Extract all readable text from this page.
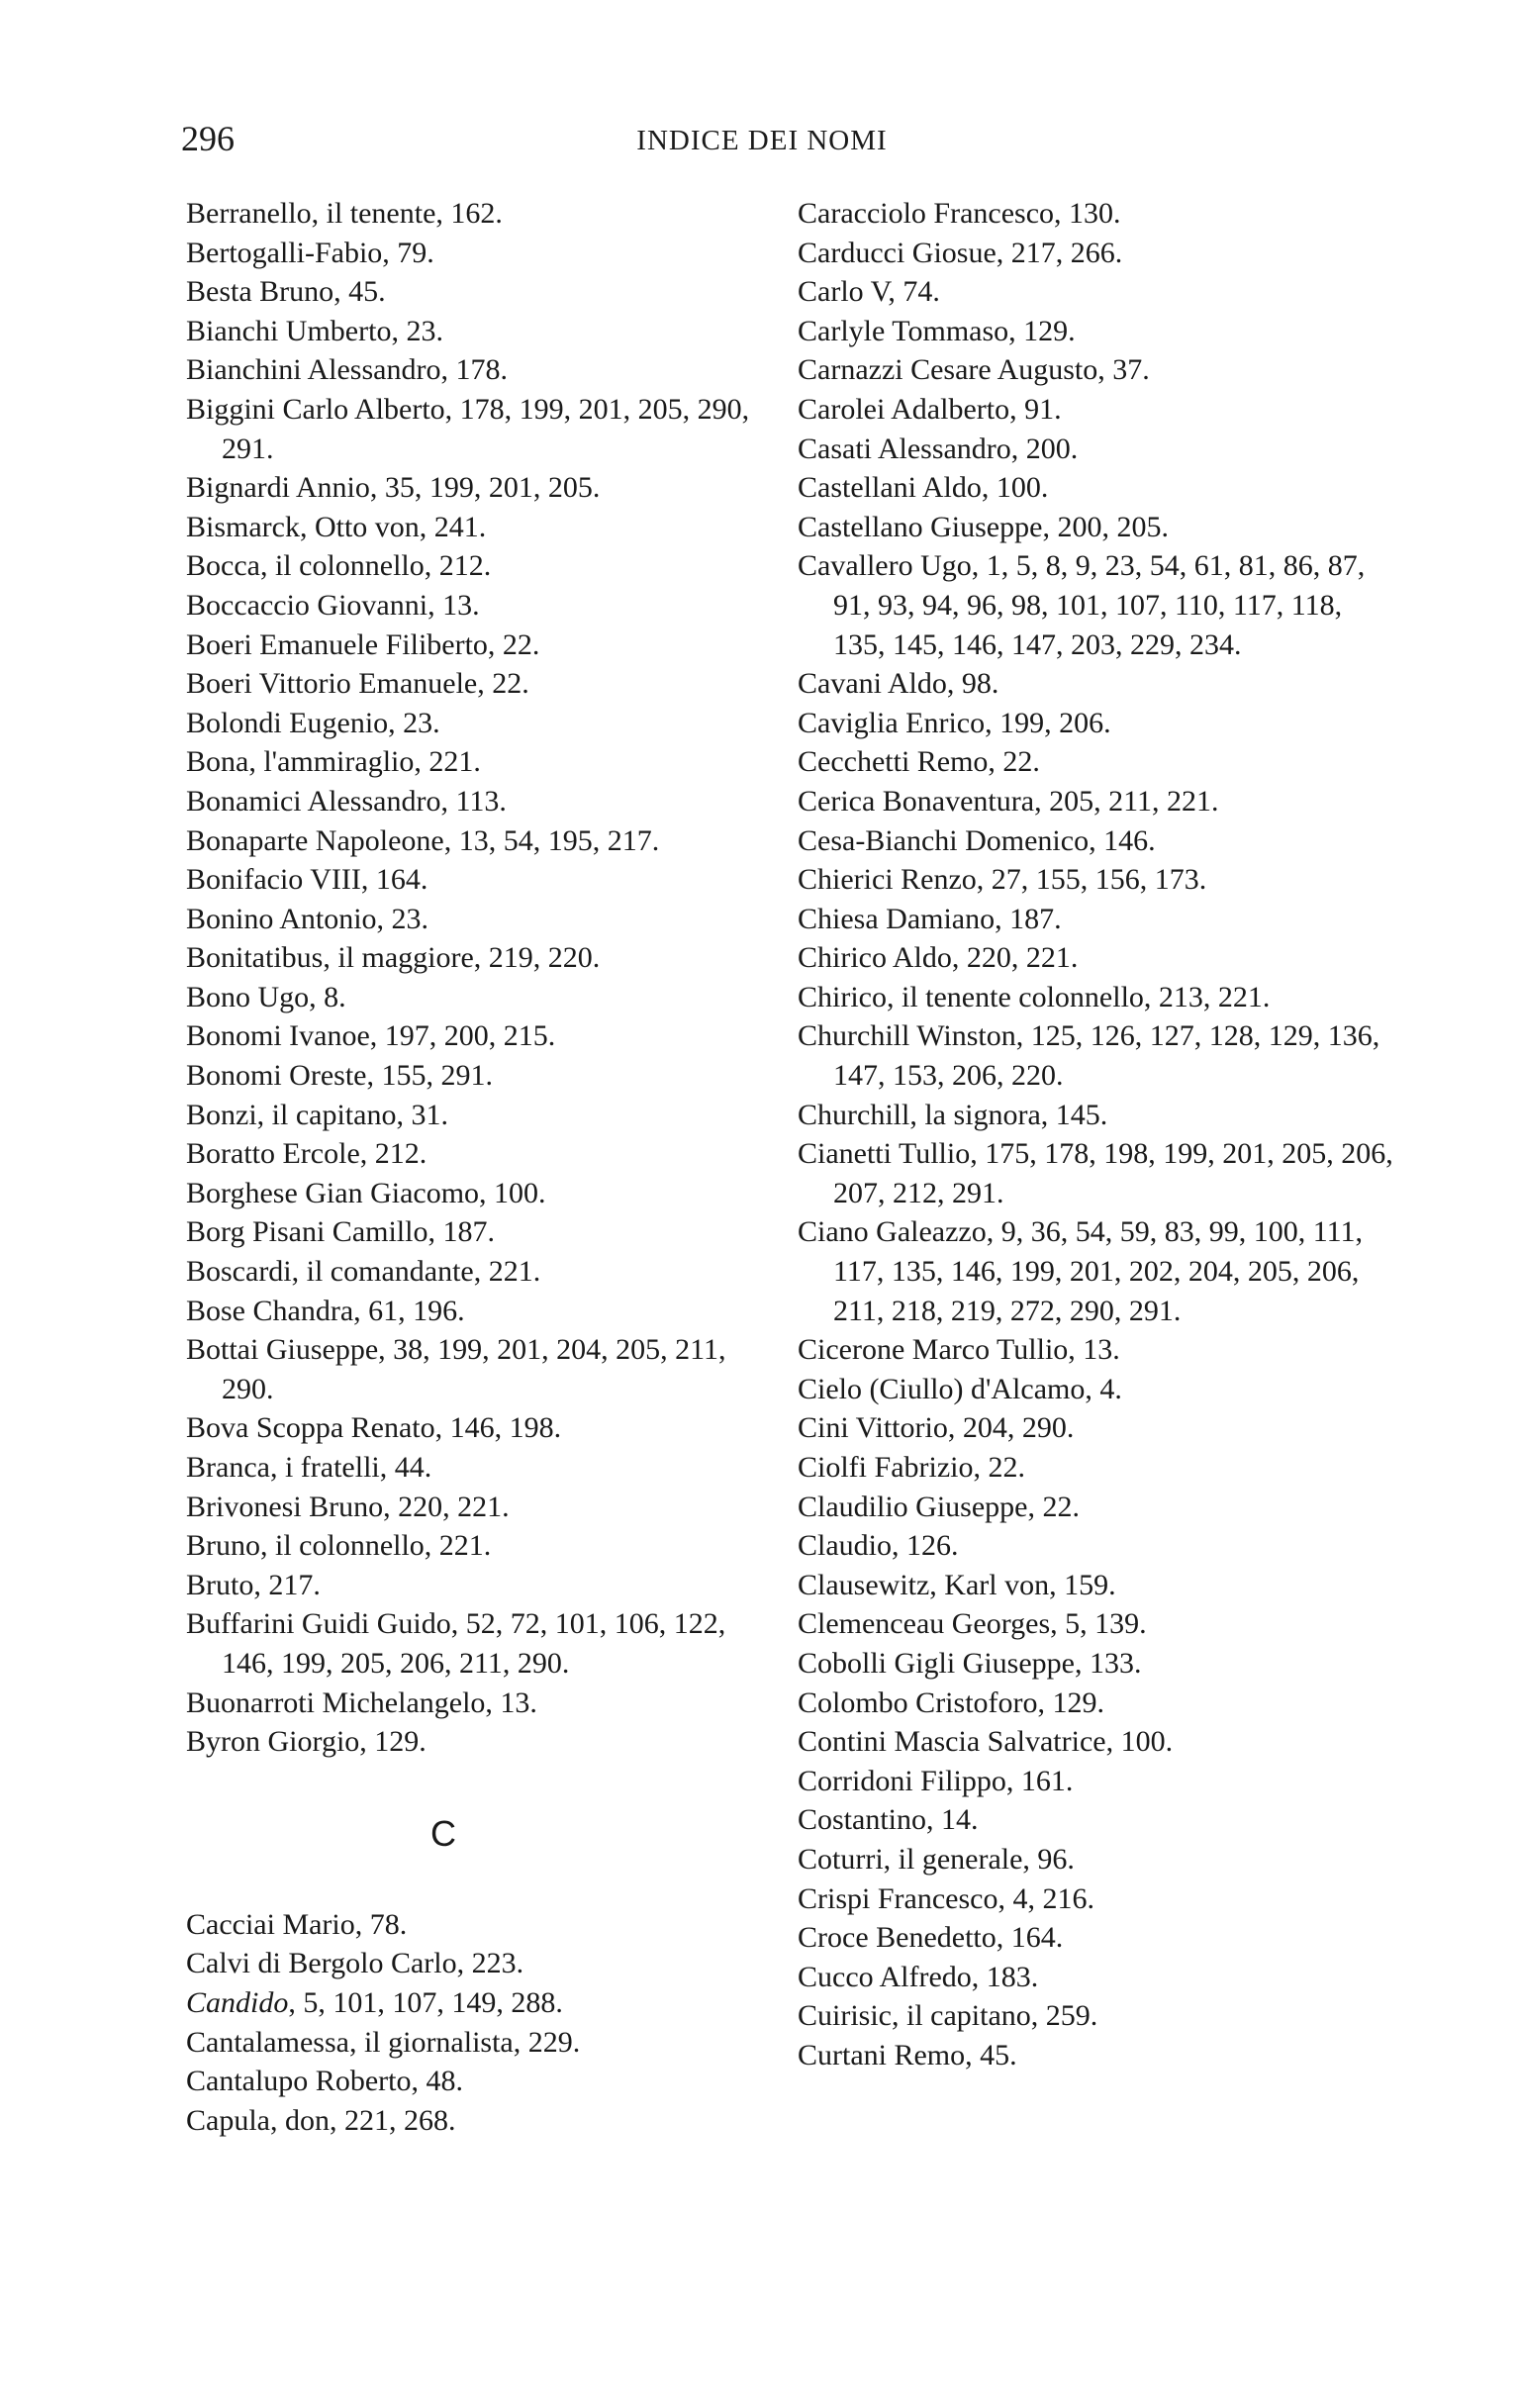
296	INDICE DEI NOMI
Berranello, il tenente, 162.
Bertogalli-Fabio, 79.
Besta Bruno, 45.
Bianchi Umberto, 23.
Bianchini Alessandro, 178.
Biggini Carlo Alberto, 178, 199, 201, 205, 290, 291.
Bignardi Annio, 35, 199, 201, 205.
Bismarck, Otto von, 241.
Bocca, il colonnello, 212.
Boccaccio Giovanni, 13.
Boeri Emanuele Filiberto, 22.
Boeri Vittorio Emanuele, 22.
Bolondi Eugenio, 23.
Bona, l'ammiraglio, 221.
Bonamici Alessandro, 113.
Bonaparte Napoleone, 13, 54, 195, 217.
Bonifacio VIII, 164.
Bonino Antonio, 23.
Bonitatibus, il maggiore, 219, 220.
Bono Ugo, 8.
Bonomi Ivanoe, 197, 200, 215.
Bonomi Oreste, 155, 291.
Bonzi, il capitano, 31.
Boratto Ercole, 212.
Borghese Gian Giacomo, 100.
Borg Pisani Camillo, 187.
Boscardi, il comandante, 221.
Bose Chandra, 61, 196.
Bottai Giuseppe, 38, 199, 201, 204, 205, 211, 290.
Bova Scoppa Renato, 146, 198.
Branca, i fratelli, 44.
Brivonesi Bruno, 220, 221.
Bruno, il colonnello, 221.
Bruto, 217.
Buffarini Guidi Guido, 52, 72, 101, 106, 122, 146, 199, 205, 206, 211, 290.
Buonarroti Michelangelo, 13.
Byron Giorgio, 129.
C
Cacciai Mario, 78.
Calvi di Bergolo Carlo, 223.
Candido, 5, 101, 107, 149, 288.
Cantalamessa, il giornalista, 229.
Cantalupo Roberto, 48.
Capula, don, 221, 268.
Caracciolo Francesco, 130.
Carducci Giosue, 217, 266.
Carlo V, 74.
Carlyle Tommaso, 129.
Carnazzi Cesare Augusto, 37.
Carolei Adalberto, 91.
Casati Alessandro, 200.
Castellani Aldo, 100.
Castellano Giuseppe, 200, 205.
Cavallero Ugo, 1, 5, 8, 9, 23, 54, 61, 81, 86, 87, 91, 93, 94, 96, 98, 101, 107, 110, 117, 118, 135, 145, 146, 147, 203, 229, 234.
Cavani Aldo, 98.
Caviglia Enrico, 199, 206.
Cecchetti Remo, 22.
Cerica Bonaventura, 205, 211, 221.
Cesa-Bianchi Domenico, 146.
Chierici Renzo, 27, 155, 156, 173.
Chiesa Damiano, 187.
Chirico Aldo, 220, 221.
Chirico, il tenente colonnello, 213, 221.
Churchill Winston, 125, 126, 127, 128, 129, 136, 147, 153, 206, 220.
Churchill, la signora, 145.
Cianetti Tullio, 175, 178, 198, 199, 201, 205, 206, 207, 212, 291.
Ciano Galeazzo, 9, 36, 54, 59, 83, 99, 100, 111, 117, 135, 146, 199, 201, 202, 204, 205, 206, 211, 218, 219, 272, 290, 291.
Cicerone Marco Tullio, 13.
Cielo (Ciullo) d'Alcamo, 4.
Cini Vittorio, 204, 290.
Ciolfi Fabrizio, 22.
Claudilio Giuseppe, 22.
Claudio, 126.
Clausewitz, Karl von, 159.
Clemenceau Georges, 5, 139.
Cobolli Gigli Giuseppe, 133.
Colombo Cristoforo, 129.
Contini Mascia Salvatrice, 100.
Corridoni Filippo, 161.
Costantino, 14.
Coturri, il generale, 96.
Crispi Francesco, 4, 216.
Croce Benedetto, 164.
Cucco Alfredo, 183.
Cuirisic, il capitano, 259.
Curtani Remo, 45.
